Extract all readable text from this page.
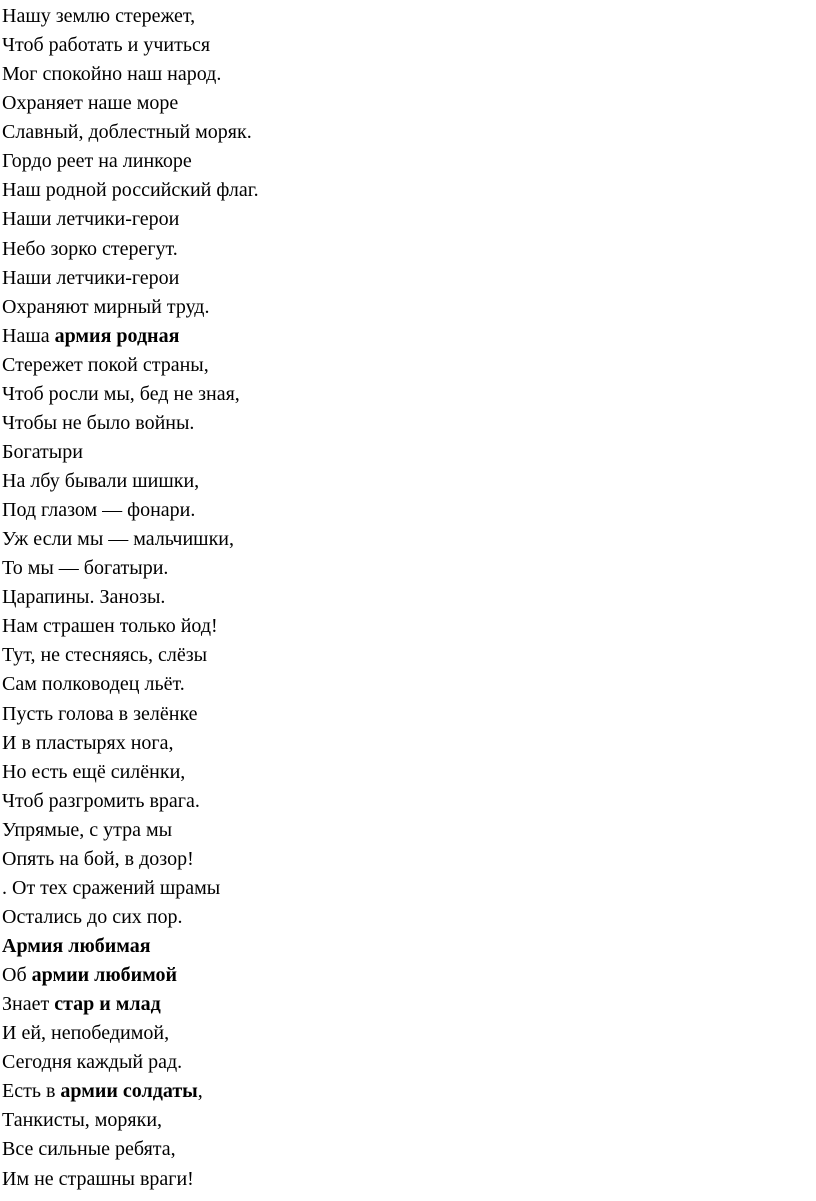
Нашу землю стережет,
Чтоб работать и учиться
Мог спокойно наш народ.
Охраняет наше море
Славный, доблестный моряк.
Гордо реет на линкоре
Наш родной российский флаг.
Наши летчики-герои
Небо зорко стерегут.
Наши летчики-герои
Охраняют мирный труд.
Наша армия родная
Стережет покой страны,
Чтоб росли мы, бед не зная,
Чтобы не было войны.
Богатыри
На лбу бывали шишки,
Под глазом — фонари.
Уж если мы — мальчишки,
То мы — богатыри.
Царапины. Занозы.
Нам страшен только йод!
Тут, не стесняясь, слёзы
Сам полководец льёт.
Пусть голова в зелёнке
И в пластырях нога,
Но есть ещё силёнки,
Чтоб разгромить врага.
Упрямые, с утра мы
Опять на бой, в дозор!
. От тех сражений шрамы
Остались до сих пор.
Армия любимая
Об армии любимой
Знает стар и млад
И ей, непобедимой,
Сегодня каждый рад.
Есть в армии солдаты,
Танкисты, моряки,
Все сильные ребята,
Им не страшны враги!
